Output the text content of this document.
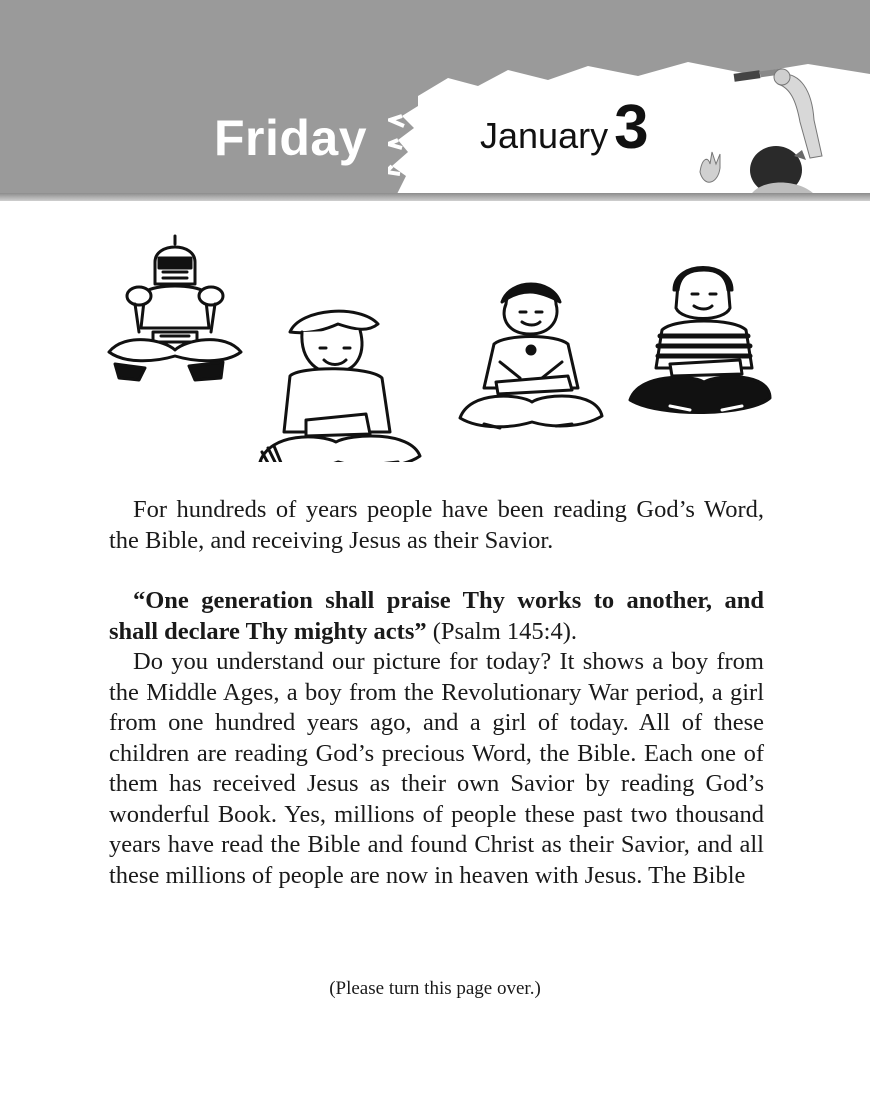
Friday	January 3

For hundreds of years people have been reading God’s Word, the Bible, and receiving Jesus as their Savior.

“One generation shall praise Thy works to another, and shall declare Thy mighty acts” (Psalm 145:4).

Do you understand our picture for today? It shows a boy from the Middle Ages, a boy from the Revolutionary War period, a girl from one hundred years ago, and a girl of today. All of these children are reading God’s precious Word, the Bible. Each one of them has received Jesus as their own Savior by reading God’s wonderful Book. Yes, millions of people these past two thousand years have read the Bible and found Christ as their Savior, and all these millions of people are now in heaven with Jesus. The Bible

(Please turn this page over.)
